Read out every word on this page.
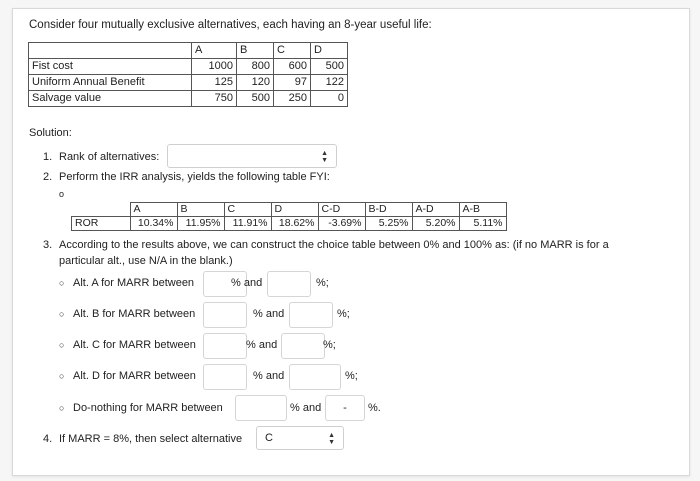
Consider four mutually exclusive alternatives, each having an 8-year useful life:
	A	B	C	D
Fist cost	1000	800	600	500
Uniform Annual Benefit	125	120	97	122
Salvage value	750	500	250	0
Solution:
1. Rank of alternatives:	▲
▼
2. Perform the IRR analysis, yields the following table FYI:
o
	A	B	C	D	C-D	B-D	A-D	A-B
ROR	10.34%	11.95%	11.91%	18.62%	-3.69%	5.25%	5.20%	5.11%
3. According to the results above, we can construct the choice table between 0% and 100% as: (if no MARR is for a
particular alt., use N/A in the blank.)
○ Alt. A for MARR between	% and	%;
○ Alt. B for MARR between	% and	%;
○ Alt. C for MARR between	% and	%;
○ Alt. D for MARR between	% and	%;
○ Do-nothing for MARR between	% and	-	%.
4. If MARR = 8%, then select alternative	C	▲
▼
